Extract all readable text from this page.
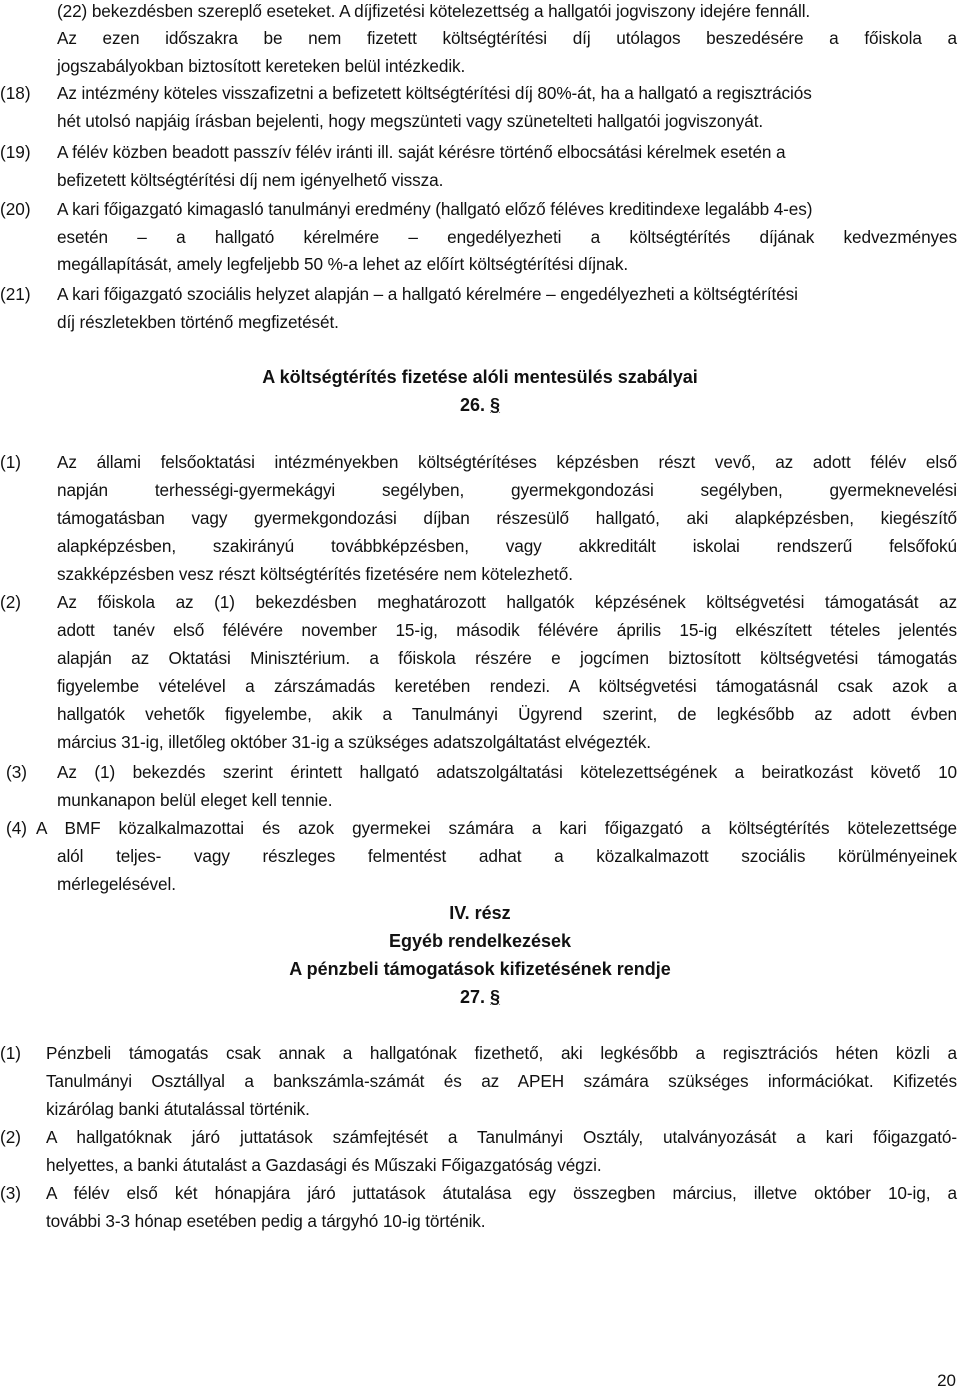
(22) bekezdésben szereplő eseteket. A díjfizetési kötelezettség a hallgatói jogviszony idejére fennáll.
Az ezen időszakra be nem fizetett költségtérítési díj utólagos beszedésére a főiskola a
jogszabályokban biztosított kereteken belül intézkedik.
(18) Az intézmény köteles visszafizetni a befizetett költségtérítési díj 80%-át, ha a hallgató a regisztrációs
hét utolsó napjáig írásban bejelenti, hogy megszünteti vagy szünetelteti hallgatói jogviszonyát.
(19) A félév közben beadott passzív félév iránti ill. saját kérésre történő elbocsátási kérelmek esetén a
befizetett költségtérítési díj nem igényelhető vissza.
(20) A kari főigazgató kimagasló tanulmányi eredmény (hallgató előző féléves kreditindexe legalább 4-es)
esetén – a hallgató kérelmére – engedélyezheti a költségtérítés díjának kedvezményes
megállapítását, amely legfeljebb 50 %-a lehet az előírt költségtérítési díjnak.
(21) A kari főigazgató szociális helyzet alapján – a hallgató kérelmére – engedélyezheti a költségtérítési
díj részletekben történő megfizetését.
A költségtérítés fizetése alóli mentesülés szabályai
26. §
(1) Az állami felsőoktatási intézményekben költségtérítéses képzésben részt vevő, az adott félév első
napján terhességi-gyermekágyi segélyben, gyermekgondozási segélyben, gyermeknevelési
támogatásban vagy gyermekgondozási díjban részesülő hallgató, aki alapképzésben, kiegészítő
alapképzésben, szakirányú továbbképzésben, vagy akkreditált iskolai rendszerű felsőfokú
szakképzésben vesz részt költségtérítés fizetésére nem kötelezhető.
(2) Az főiskola az (1) bekezdésben meghatározott hallgatók képzésének költségvetési támogatását az
adott tanév első félévére november 15-ig, második félévére április 15-ig elkészített tételes jelentés
alapján az Oktatási Minisztérium. a főiskola részére e jogcímen biztosított költségvetési támogatás
figyelembe vételével a zárszámadás keretében rendezi. A költségvetési támogatásnál csak azok a
hallgatók vehetők figyelembe, akik a Tanulmányi Ügyrend szerint, de legkésőbb az adott évben
március 31-ig, illetőleg október 31-ig a szükséges adatszolgáltatást elvégezték.
(3) Az (1) bekezdés szerint érintett hallgató adatszolgáltatási kötelezettségének a beiratkozást követő 10
munkanapon belül eleget kell tennie.
(4) A BMF közalkalmazottai és azok gyermekei számára a kari főigazgató a költségtérítés kötelezettsége
alól teljes- vagy részleges felmentést adhat a közalkalmazott szociális körülményeinek
mérlegelésével.
IV. rész
Egyéb rendelkezések
A pénzbeli támogatások kifizetésének rendje
27. §
(1) Pénzbeli támogatás csak annak a hallgatónak fizethető, aki legkésőbb a regisztrációs héten közli a
Tanulmányi Osztállyal a bankszámla-számát és az APEH számára szükséges információkat. Kifizetés
kizárólag banki átutalással történik.
(2) A hallgatóknak járó juttatások számfejtését a Tanulmányi Osztály, utalványozását a kari főigazgató-
helyettes, a banki átutalást a Gazdasági és Műszaki Főigazgatóság végzi.
(3) A félév első két hónapjára járó juttatások átutalása egy összegben március, illetve október 10-ig, a
további 3-3 hónap esetében pedig a tárgyhó 10-ig történik.
20
